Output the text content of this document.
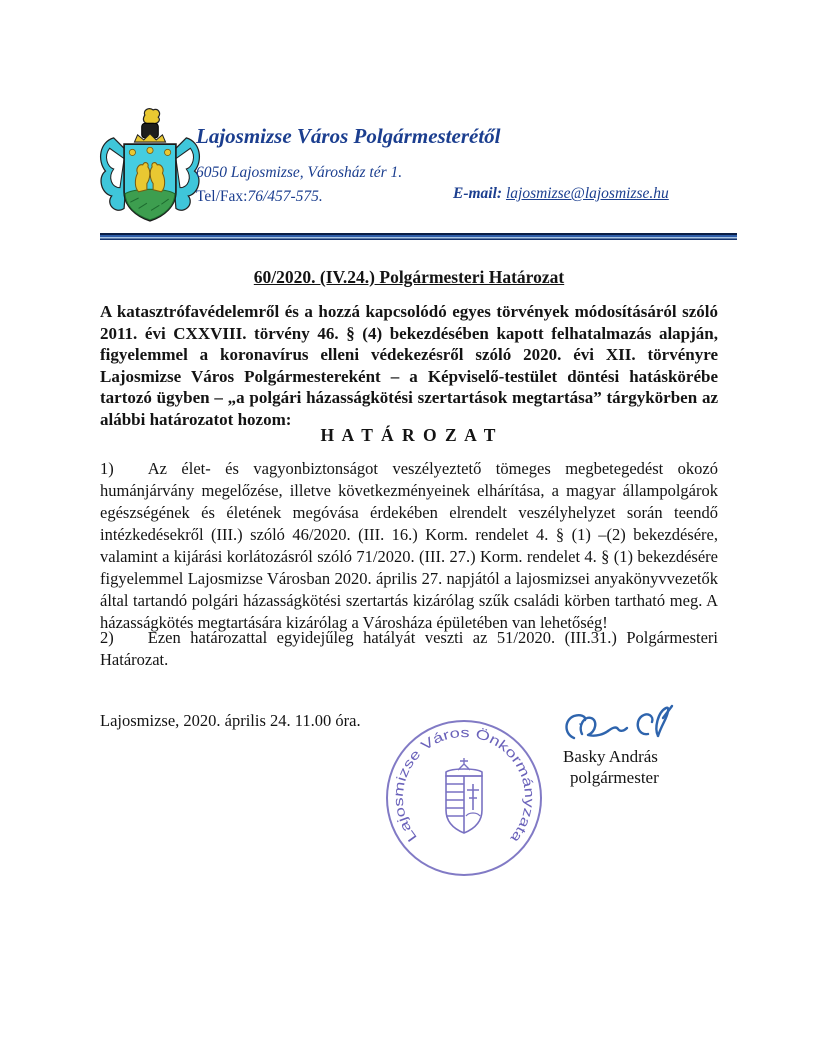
Lajosmizse Város Polgármesterétől
6050 Lajosmizse, Városház tér 1.
Tel/Fax:76/457-575.	E-mail: lajosmizse@lajosmizse.hu
60/2020. (IV.24.) Polgármesteri Határozat

A katasztrófavédelemről és a hozzá kapcsolódó egyes törvények módosításáról szóló 2011. évi CXXVIII. törvény 46. § (4) bekezdésében kapott felhatalmazás alapján, figyelemmel a koronavírus elleni védekezésről szóló 2020. évi XII. törvényre Lajosmizse Város Polgármestereként – a Képviselő-testület döntési hatáskörébe tartozó ügyben – „a polgári házasságkötési szertartások megtartása” tárgykörben az alábbi határozatot hozom:

H A T Á R O Z A T

1) Az élet- és vagyonbiztonságot veszélyeztető tömeges megbetegedést okozó humánjárvány megelőzése, illetve következményeinek elhárítása, a magyar állampolgárok egészségének és életének megóvása érdekében elrendelt veszélyhelyzet során teendő intézkedésekről (III.) szóló 46/2020. (III. 16.) Korm. rendelet 4. § (1) –(2) bekezdésére, valamint a kijárási korlátozásról szóló 71/2020. (III. 27.) Korm. rendelet 4. § (1) bekezdésére figyelemmel Lajosmizse Városban 2020. április 27. napjától a lajosmizsei anyakönyvvezetők által tartandó polgári házasságkötési szertartás kizárólag szűk családi körben tartható meg. A házasságkötés megtartására kizárólag a Városháza épületében van lehetőség!

2) Ezen határozattal egyidejűleg hatályát veszti az 51/2020. (III.31.) Polgármesteri Határozat.

Lajosmizse, 2020. április 24. 11.00 óra.
Lajosmizse Város Önkormányzata
Basky András
polgármester
